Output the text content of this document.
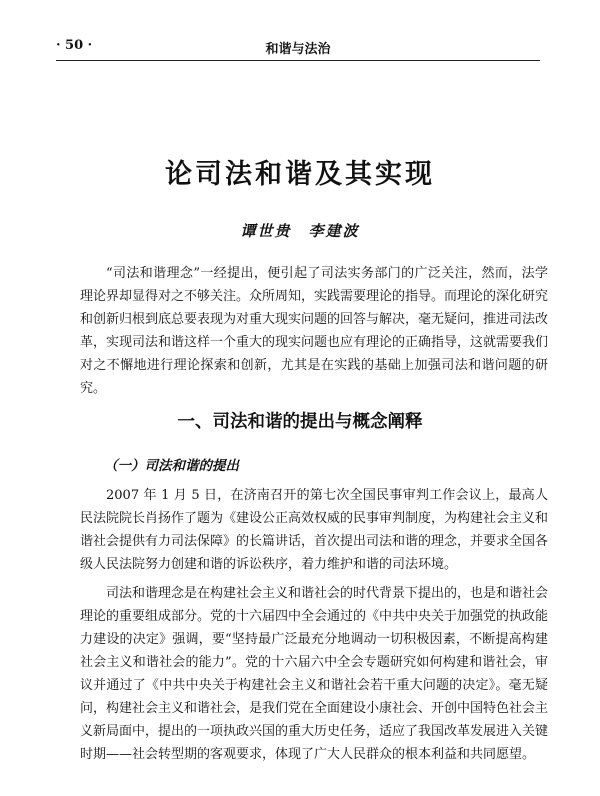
· 50 ·	和谐与法治
论司法和谐及其实现
谭世贵　李建波

“司法和谐理念”一经提出，便引起了司法实务部门的广泛关注，然而，法学理论界却显得对之不够关注。众所周知，实践需要理论的指导。而理论的深化研究和创新归根到底总要表现为对重大现实问题的回答与解决，毫无疑问，推进司法改革，实现司法和谐这样一个重大的现实问题也应有理论的正确指导，这就需要我们对之不懈地进行理论探索和创新，尤其是在实践的基础上加强司法和谐问题的研究。

一、司法和谐的提出与概念阐释
（一）司法和谐的提出

2007 年 1 月 5 日，在济南召开的第七次全国民事审判工作会议上，最高人民法院院长肖扬作了题为《建设公正高效权威的民事审判制度，为构建社会主义和谐社会提供有力司法保障》的长篇讲话，首次提出司法和谐的理念，并要求全国各级人民法院努力创建和谐的诉讼秩序，着力维护和谐的司法环境。

司法和谐理念是在构建社会主义和谐社会的时代背景下提出的，也是和谐社会理论的重要组成部分。党的十六届四中全会通过的《中共中央关于加强党的执政能力建设的决定》强调，要“坚持最广泛最充分地调动一切积极因素，不断提高构建社会主义和谐社会的能力”。党的十六届六中全会专题研究如何构建和谐社会，审议并通过了《中共中央关于构建社会主义和谐社会若干重大问题的决定》。毫无疑问，构建社会主义和谐社会，是我们党在全面建设小康社会、开创中国特色社会主义新局面中，提出的一项执政兴国的重大历史任务，适应了我国改革发展进入关键时期——社会转型期的客观要求，体现了广大人民群众的根本利益和共同愿望。
